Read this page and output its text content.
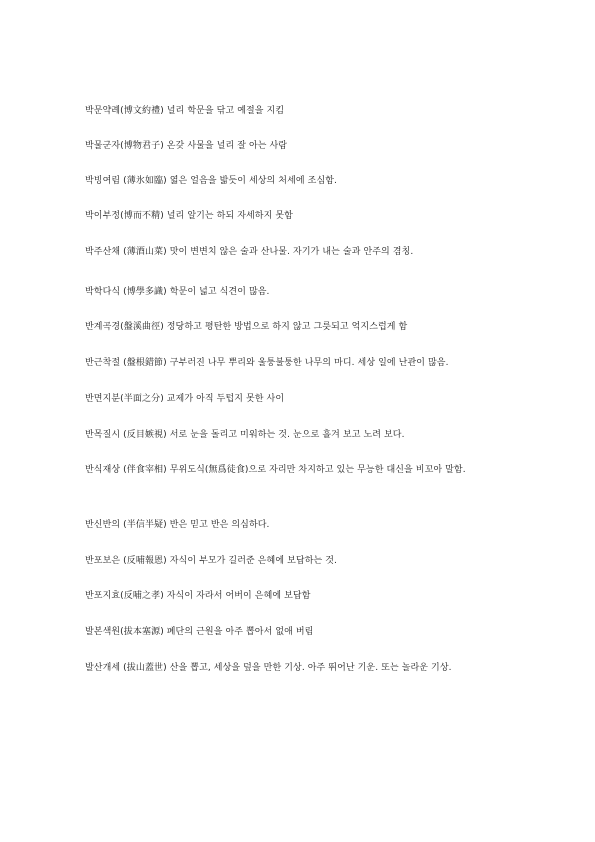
박문약례(博文約禮) 널리 학문을 닦고 예절을 지킴
박물군자(博物君子) 온갖 사물을 널리 잘 아는 사람
박빙여림 (薄氷如臨) 엷은 얼음을 밟듯이 세상의 처세에 조심함.
박이부정(博而不精) 널리 알기는 하되 자세하지 못함
박주산채 (薄酒山菜) 맛이 변변치 않은 술과 산나물. 자기가 내는 술과 안주의 겸칭.
박학다식 (博學多識) 학문이 넓고 식견이 많음.
반계곡경(盤溪曲徑) 정당하고 평탄한 방법으로 하지 않고 그릇되고 억지스럽게 함
반근착절 (盤根錯節) 구부러진 나무 뿌리와 울퉁불퉁한 나무의 마디. 세상 일에 난관이 많음.
반면지분(半面之分) 교제가 아직 두텁지 못한 사이
반목질시 (反目嫉視) 서로 눈을 돌리고 미워하는 것. 눈으로 흘겨 보고 노려 보다.
반식재상 (伴食宰相) 무위도식(無爲徒食)으로 자리만 차지하고 있는 무능한 대신을 비꼬아 말함.
반신반의 (半信半疑) 반은 믿고 반은 의심하다.
반포보은 (反哺報恩) 자식이 부모가 길러준 은혜에 보답하는 것.
반포지효(反哺之孝) 자식이 자라서 어버이 은혜에 보답함
발본색원(拔本塞源) 폐단의 근원을 아주 뽑아서 없애 버림
발산개세 (拔山蓋世) 산을 뽑고, 세상을 덮을 만한 기상. 아주 뛰어난 기운. 또는 놀라운 기상.
